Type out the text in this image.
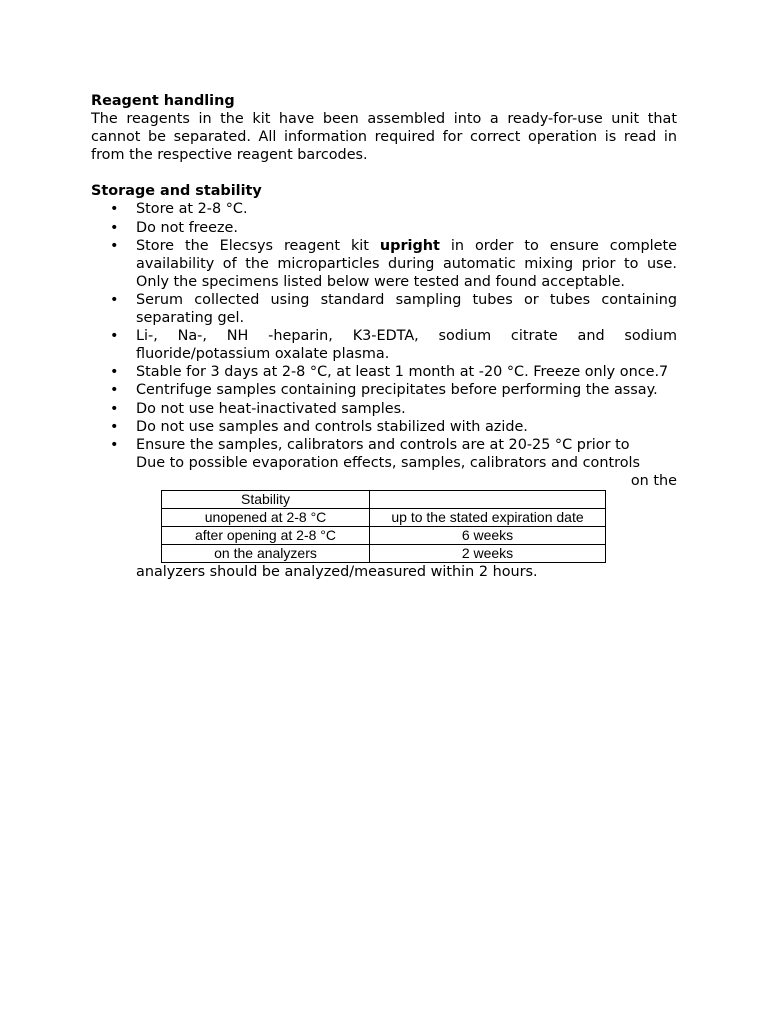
Reagent handling
The reagents in the kit have been assembled into a ready-for-use unit that cannot be separated. All information required for correct operation is read in from the respective reagent barcodes.
Storage and stability
• Store at 2-8 °C.
• Do not freeze.
• Store the Elecsys reagent kit upright in order to ensure complete availability of the microparticles during automatic mixing prior to use. Only the specimens listed below were tested and found acceptable.
• Serum collected using standard sampling tubes or tubes containing separating gel.
• Li-, Na-, NH -heparin, K3-EDTA, sodium citrate and sodium fluoride/potassium oxalate plasma.
• Stable for 3 days at 2-8 °C, at least 1 month at -20 °C. Freeze only once.7
• Centrifuge samples containing precipitates before performing the assay.
• Do not use heat-inactivated samples.
• Do not use samples and controls stabilized with azide.
• Ensure the samples, calibrators and controls are at 20-25 °C prior to
Due to possible evaporation effects, samples, calibrators and controls
on the
Stability	
unopened at 2-8 °C	up to the stated expiration date
after opening at 2-8 °C	6 weeks
on the analyzers	2 weeks
analyzers should be analyzed/measured within 2 hours.
